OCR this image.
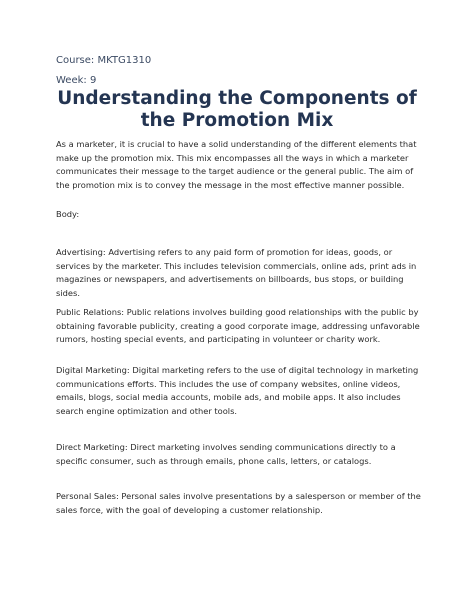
Course: MKTG1310
Week: 9
Understanding the Components of the Promotion Mix

As a marketer, it is crucial to have a solid understanding of the different elements that make up the promotion mix. This mix encompasses all the ways in which a marketer communicates their message to the target audience or the general public. The aim of the promotion mix is to convey the message in the most effective manner possible.

Body:

Advertising: Advertising refers to any paid form of promotion for ideas, goods, or services by the marketer. This includes television commercials, online ads, print ads in magazines or newspapers, and advertisements on billboards, bus stops, or building sides.

Public Relations: Public relations involves building good relationships with the public by obtaining favorable publicity, creating a good corporate image, addressing unfavorable rumors, hosting special events, and participating in volunteer or charity work.

Digital Marketing: Digital marketing refers to the use of digital technology in marketing communications efforts. This includes the use of company websites, online videos, emails, blogs, social media accounts, mobile ads, and mobile apps. It also includes search engine optimization and other tools.

Direct Marketing: Direct marketing involves sending communications directly to a specific consumer, such as through emails, phone calls, letters, or catalogs.

Personal Sales: Personal sales involve presentations by a salesperson or member of the sales force, with the goal of developing a customer relationship.
